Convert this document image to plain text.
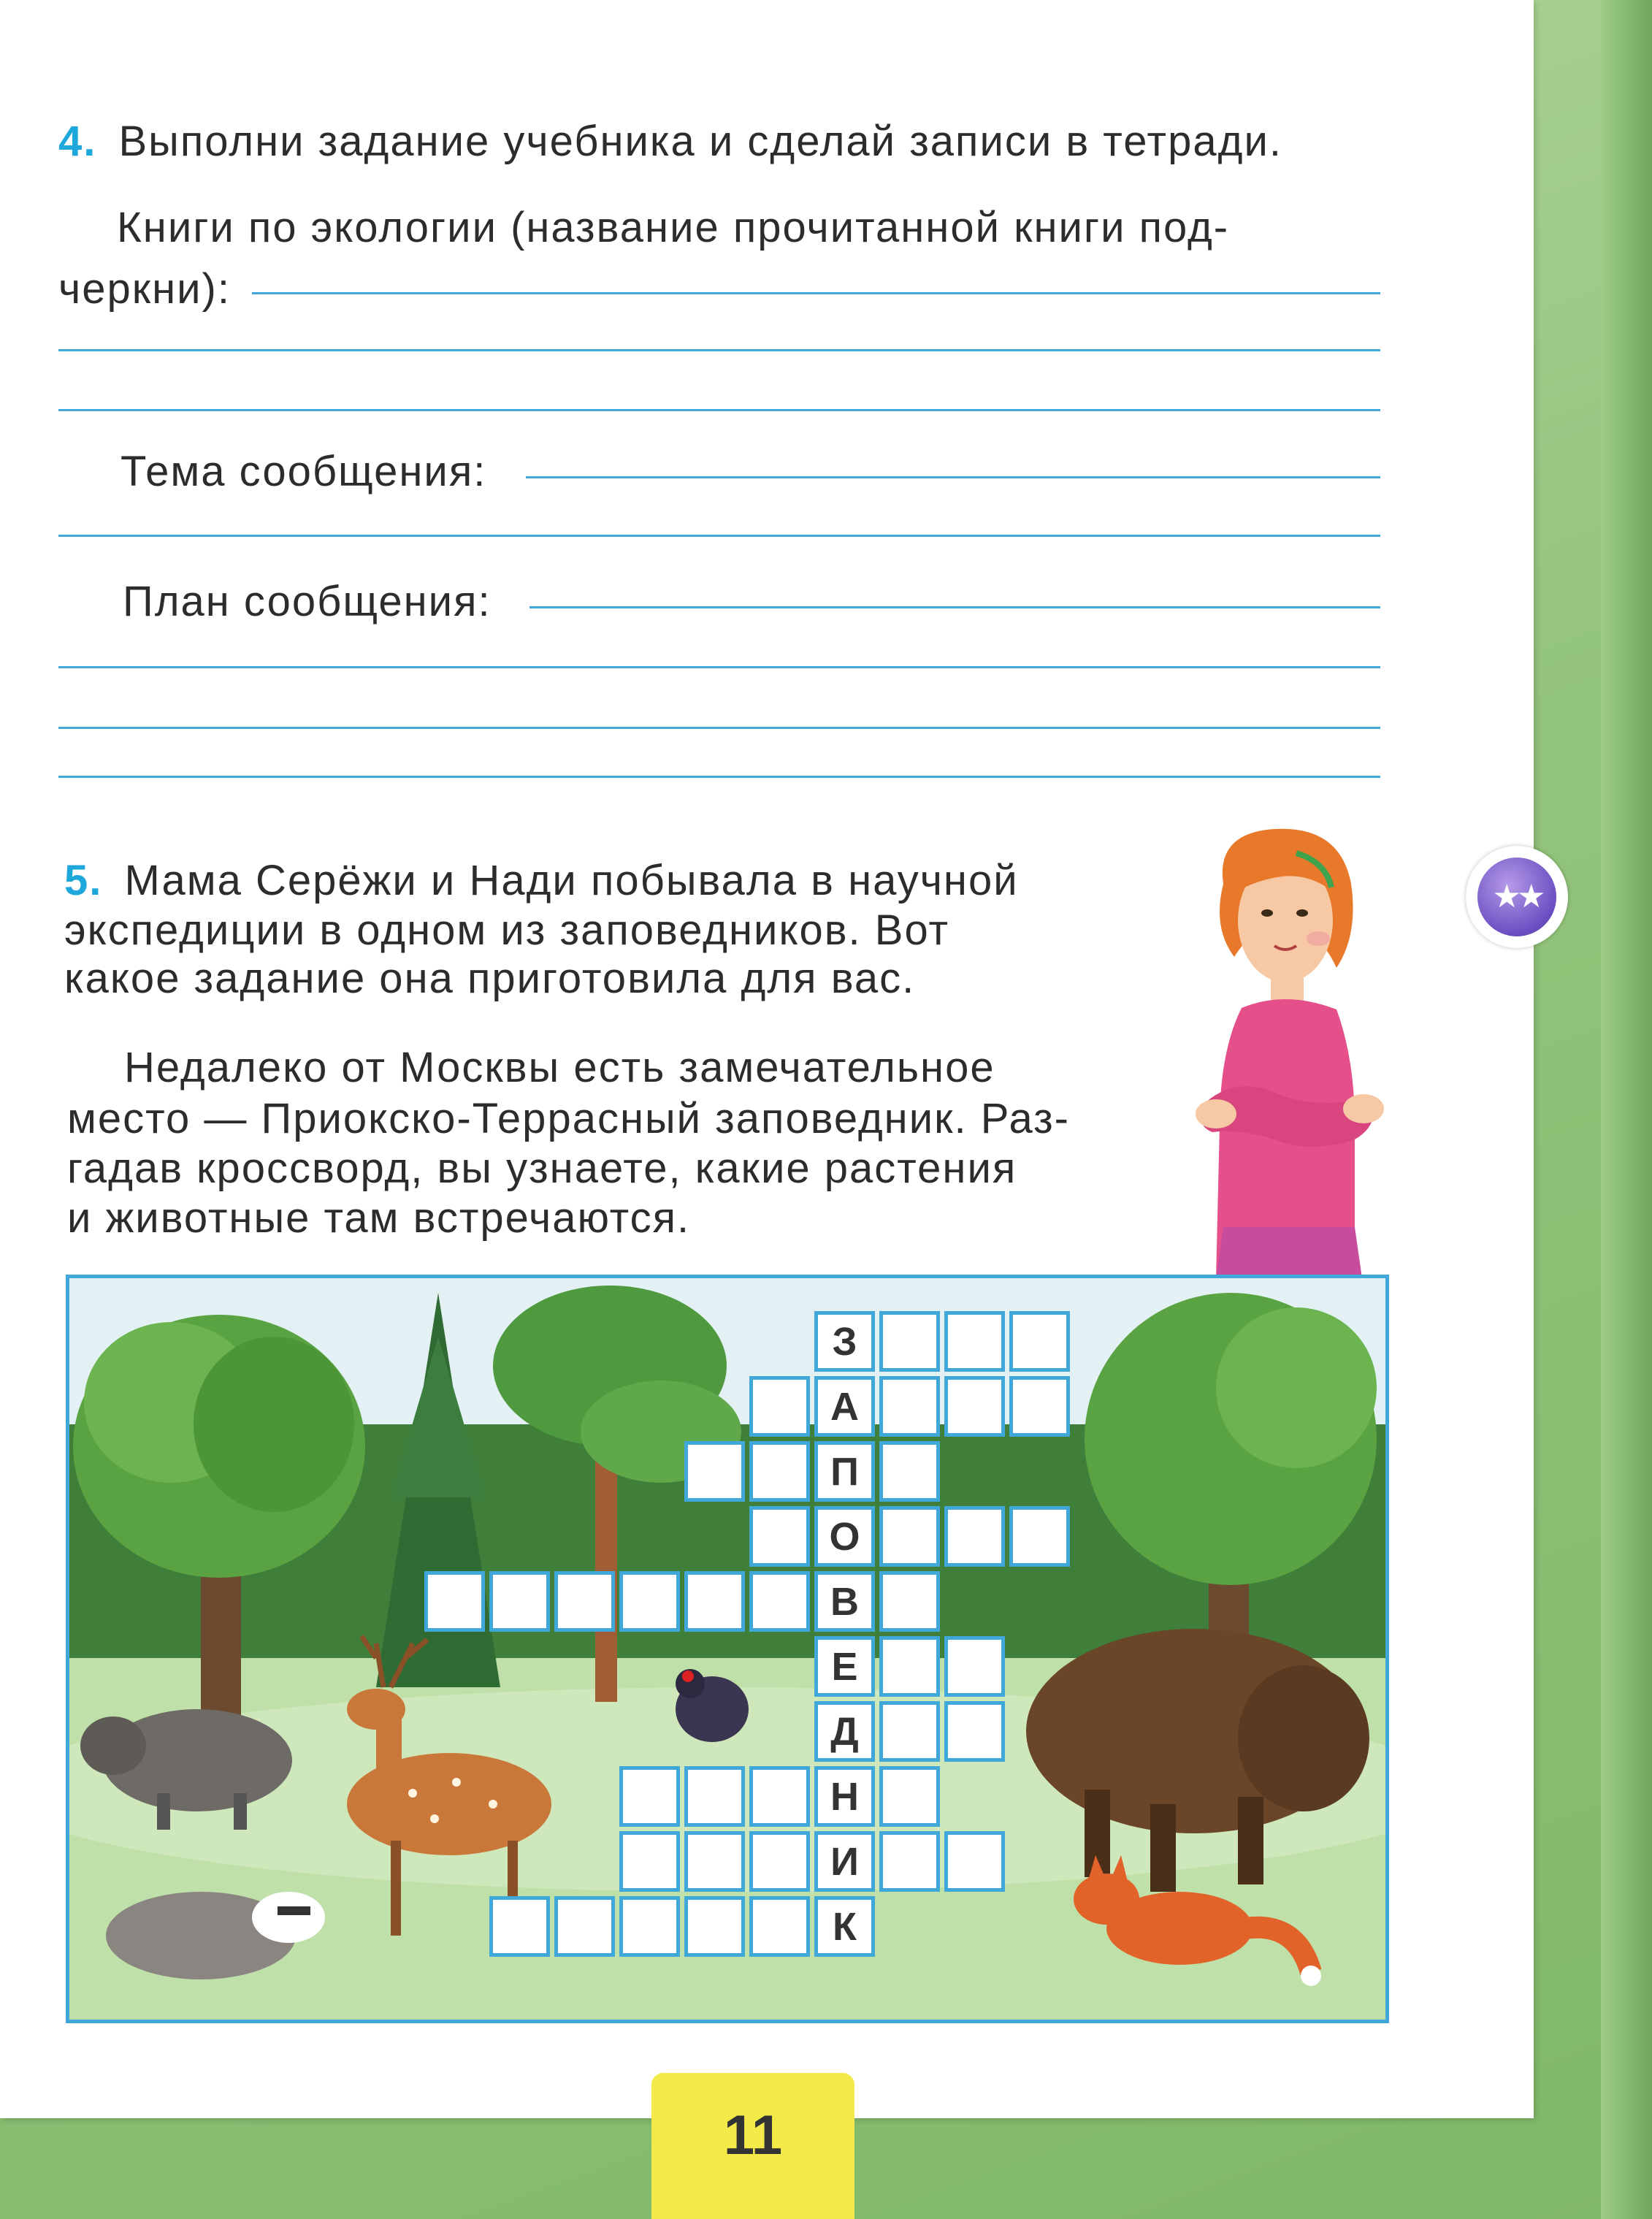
4. Выполни задание учебника и сделай записи в тетради.
Книги по экологии (название прочитанной книги под-
черкни):
Тема сообщения:
План сообщения:
5. Мама Серёжи и Нади побывала в научной
экспедиции в одном из заповедников. Вот
какое задание она приготовила для вас.
Недалеко от Москвы есть замечательное
место — Приокско-Террасный заповедник. Раз-
гадав кроссворд, вы узнаете, какие растения
и животные там встречаются.
З
А
П
О
В
Е
Д
Н
И
К
★★
11
